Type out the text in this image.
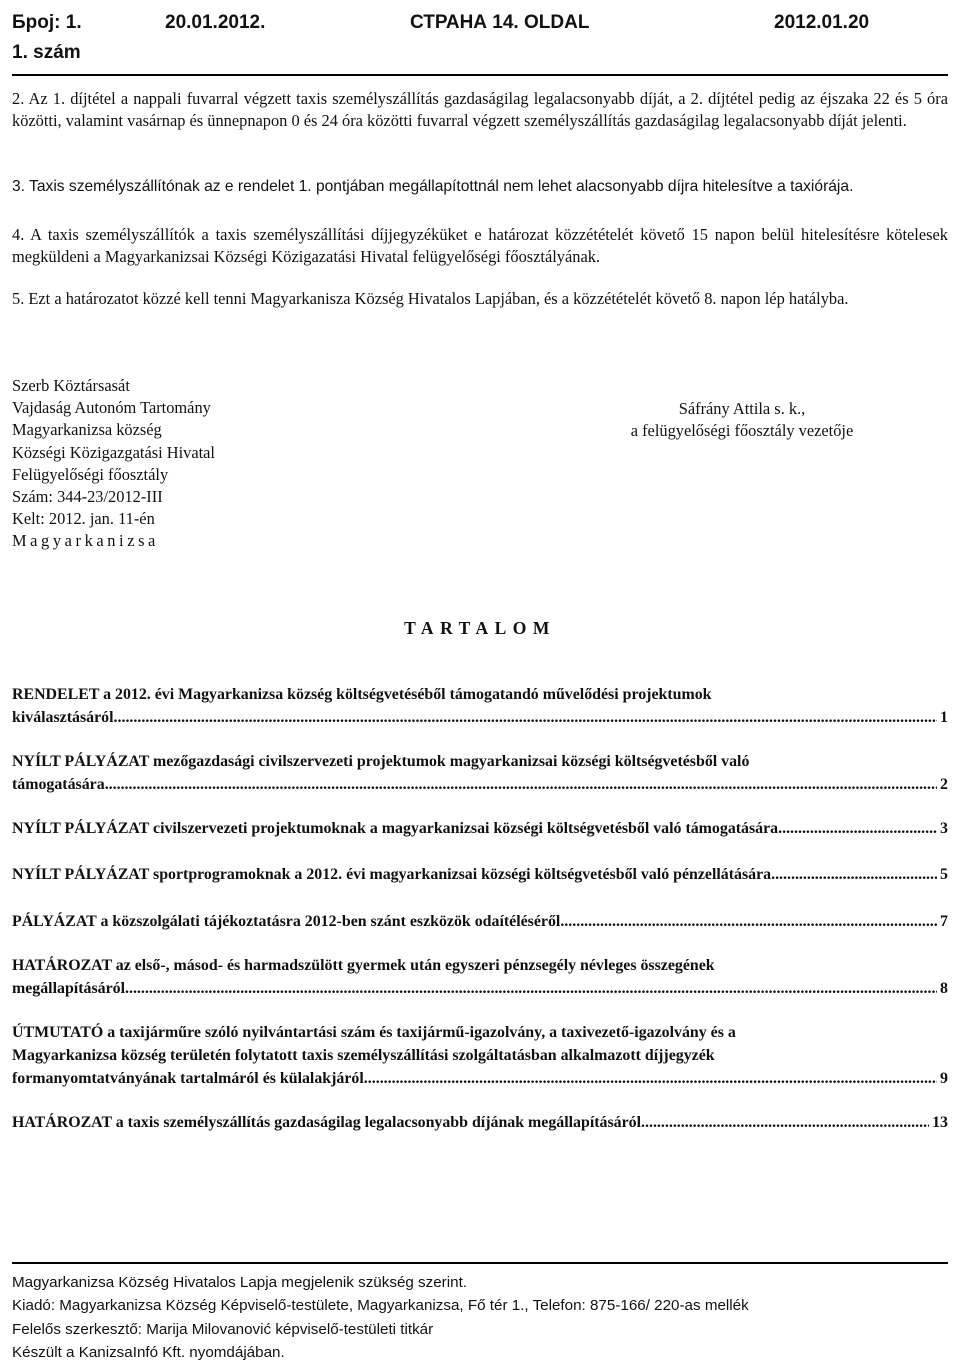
Број: 1.	20.01.2012.	СТРАНА 14. OLDAL	2012.01.20
1. szám
2. Az 1. díjtétel a nappali fuvarral végzett taxis személyszállítás gazdaságilag legalacsonyabb díját, a 2. díjtétel pedig az éjszaka 22 és 5 óra közötti, valamint vasárnap és ünnepnapon 0 és 24 óra közötti fuvarral végzett személyszállítás gazdaságilag legalacsonyabb díját jelenti.
3. Taxis személyszállítónak az e rendelet 1. pontjában megállapítottnál nem lehet alacsonyabb díjra hitelesítve a taxiórája.
4. A taxis személyszállítók a taxis személyszállítási díjjegyzéküket e határozat közzétételét követő 15 napon belül hitelesítésre kötelesek megküldeni a Magyarkanizsai Községi Közigazatási Hivatal felügyelőségi főosztályának.
5. Ezt a határozatot közzé kell tenni Magyarkanisza Község Hivatalos Lapjában, és a közzétételét követő 8. napon lép hatályba.
Szerb Köztársasát
Vajdaság Autonóm Tartomány
Magyarkanizsa község
Községi Közigazgatási Hivatal
Felügyelőségi főosztály
Szám: 344-23/2012-III
Kelt: 2012. jan. 11-én
Magyarkanizsa
Sáfrány Attila s. k.,
a felügyelőségi főosztály vezetője
TARTALOM
RENDELET a 2012. évi Magyarkanizsa község költségvetéséből támogatandó művelődési projektumok
kiválasztásáról .....	1
NYÍLT PÁLYÁZAT mezőgazdasági civilszervezeti projektumok magyarkanizsai községi költségvetésből való
támogatására .....	2
NYÍLT PÁLYÁZAT civilszervezeti projektumoknak a magyarkanizsai községi költségvetésből való támogatására .....	3
NYÍLT PÁLYÁZAT sportprogramoknak a 2012. évi magyarkanizsai községi költségvetésből való pénzellátására .....	5
PÁLYÁZAT a közszolgálati tájékoztatásra 2012-ben szánt eszközök odaítéléséről .....	7
HATÁROZAT az első-, másod- és harmadszülött gyermek után egyszeri pénzsegély névleges összegének
megállapításáról .....	8
ÚTMUTATÓ a taxijárműre szóló nyilvántartási szám és taxijármű-igazolvány, a taxivezető-igazolvány és a
Magyarkanizsa község területén folytatott taxis személyszállítási szolgáltatásban alkalmazott díjjegyzék
formanyomtatványának tartalmáról és külalakjáról .....	9
HATÁROZAT a taxis személyszállítás gazdaságilag legalacsonyabb díjának megállapításáról .....	13
Magyarkanizsa Község Hivatalos Lapja megjelenik szükség szerint.
Kiadó: Magyarkanizsa Község Képviselő-testülete, Magyarkanizsa, Fő tér 1., Telefon: 875-166/ 220-as mellék
Felelős szerkesztő: Marija Milovanović képviselő-testületi titkár
Készült a KanizsaInfó Kft. nyomdájában.
